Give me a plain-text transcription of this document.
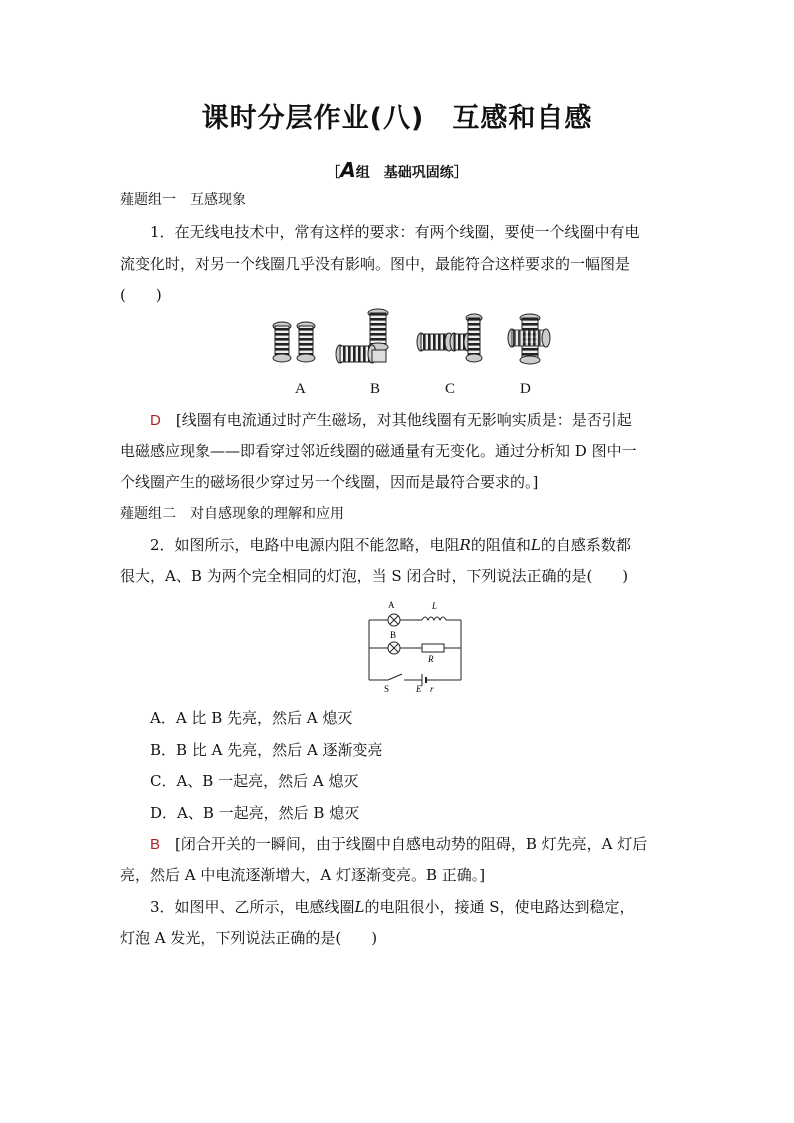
课时分层作业(八)　互感和自感
［A组　基础巩固练］
薤题组一　互感现象
1．在无线电技术中，常有这样的要求：有两个线圈，要使一个线圈中有电
流变化时，对另一个线圈几乎没有影响。图中，最能符合这样要求的一幅图是
(　　)
A	B	C	D
D　 [线圈有电流通过时产生磁场，对其他线圈有无影响实质是：是否引起
电磁感应现象——即看穿过邻近线圈的磁通量有无变化。通过分析知 D 图中一
个线圈产生的磁场很少穿过另一个线圈，因而是最符合要求的。]
薤题组二　对自感现象的理解和应用
2．如图所示，电路中电源内阻不能忽略，电阻R的阻值和L的自感系数都
很大，A、B 为两个完全相同的灯泡，当 S 闭合时，下列说法正确的是(　　)
A	L
B
R
S	E r
A．A 比 B 先亮，然后 A 熄灭
B．B 比 A 先亮，然后 A 逐渐变亮
C．A、B 一起亮，然后 A 熄灭
D．A、B 一起亮，然后 B 熄灭
B　 [闭合开关的一瞬间，由于线圈中自感电动势的阻碍，B 灯先亮，A 灯后
亮，然后 A 中电流逐渐增大，A 灯逐渐变亮。B 正确。]
3．如图甲、乙所示，电感线圈L的电阻很小，接通 S，使电路达到稳定，
灯泡 A 发光，下列说法正确的是(　　)
